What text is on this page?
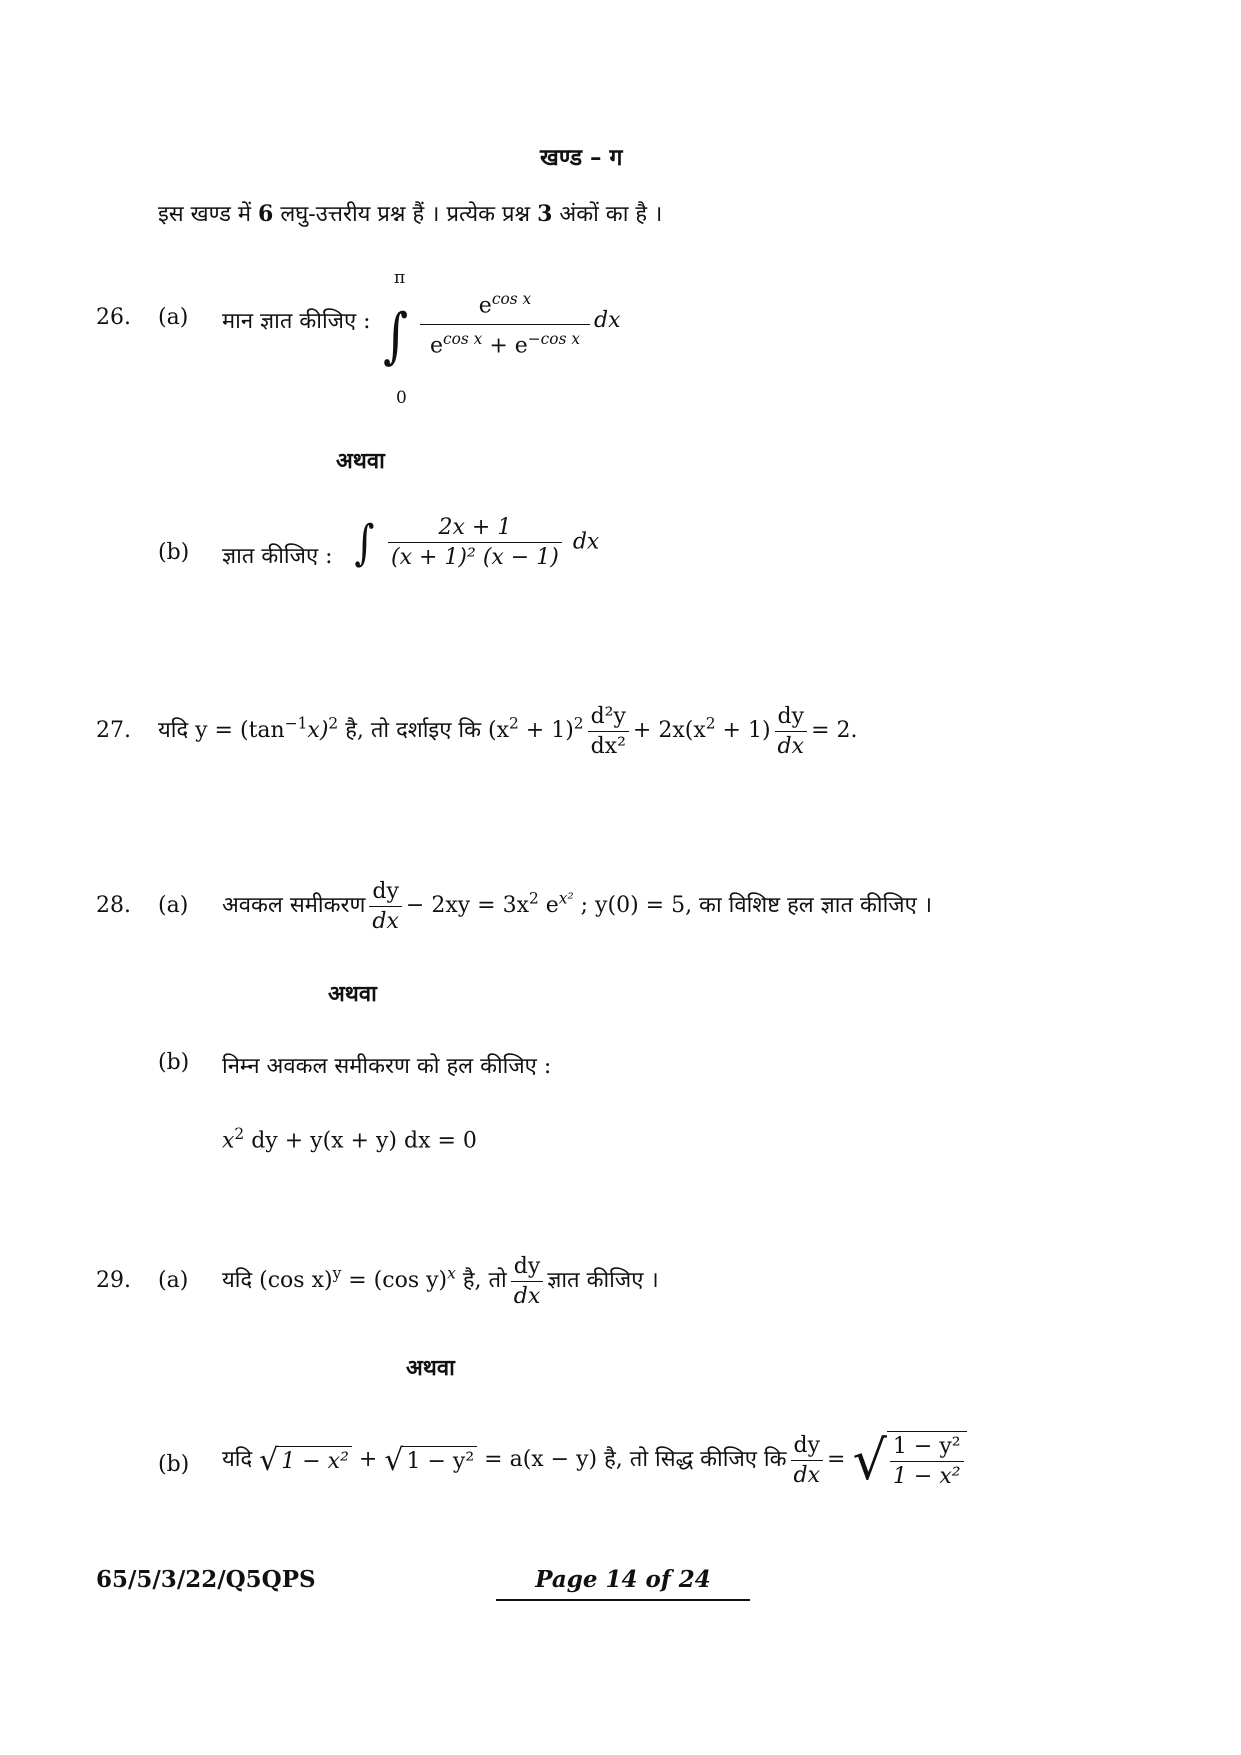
खण्ड – ग
इस खण्ड में 6 लघु-उत्तरीय प्रश्न हैं । प्रत्येक प्रश्न 3 अंकों का है ।
26. (a) मान ज्ञात कीजिए :
π
∫
0
$e^{cos x}$
$e^{cos x} + e^{-cos x}$
dx
अथवा
(b) ज्ञात कीजिए : ∫ $\frac{2x + 1}{\text{(x + 1)² (x − 1)}}$ dx
27. यदि $y = (\tan^{-1}x)^2$ है, तो दर्शाइए कि $(x^2 + 1)^2 \frac{\text{d²y}}{\text{dx²}} + 2x(x^2 + 1) \frac{dy}{dx} = 2$.
28. (a) अवकल समीकरण $\frac{dy}{dx} - 2xy = 3x^2$ $e^{x^2}$ ; y(0) = 5, का विशिष्ट हल ज्ञात कीजिए ।
अथवा
(b) निम्न अवकल समीकरण को हल कीजिए :
$x^2$ dy + y(x + y) dx = 0
29. (a) यदि (cos x)$^y$ = (cos y)$^x$ है, तो $\frac{dy}{dx}$ ज्ञात कीजिए ।
अथवा
(b) यदि √ 1 − x² + √ 1 − y² = a(x − y) है, तो सिद्ध कीजिए कि $\frac{dy}{dx}$ = √ $\frac{\text{1 − y²}}{\text{1 − x²}}$
65/5/3/22/Q5QPS	Page 14 of 24
